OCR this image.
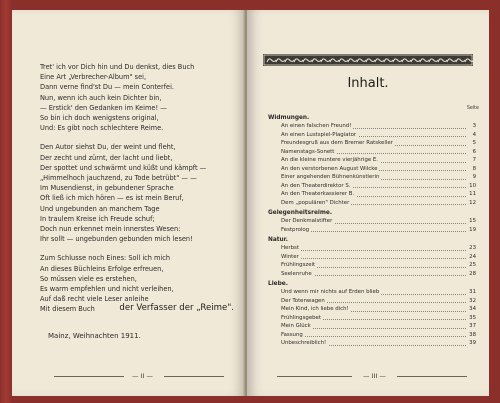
Tret' ich vor Dich hin und Du denkst, dies Buch
Eine Art „Verbrecher-Album" sei,
Dann verne find'st Du — mein Conterfei.
Nun, wenn ich auch kein Dichter bin,
— Erstick' den Gedanken im Keime! —
So bin ich doch wenigstens original,
Und: Es gibt noch schlechtere Reime.
Den Autor siehst Du, der weint und fleht,
Der zecht und zürnt, der lacht und liebt,
Der spottet und schwärmt und küßt und kämpft —
„Himmelhoch jauchzend, zu Tode betrübt" — —
Im Musendienst, in gebundener Sprache
Oft ließ ich mich hören — es ist mein Beruf,
Und ungebunden an manchem Tage
In traulem Kreise ich Freude schuf;
Doch nun erkennet mein innerstes Wesen:
Ihr sollt — ungebunden gebunden mich lesen!
Zum Schlusse noch Eines: Soll ich mich
An dieses Büchleins Erfolge erfreuen,
So müssen viele es erstehen,
Es warm empfehlen und nicht verleihen,
Auf daß recht viele Leser anleihe
Mit diesem Buch	der Verfasser der „Reime".
Mainz, Weihnachten 1911.
— II —
Inhalt.
Seite
Widmungen.
An einen falschen Freund!	3
An einen Lustspiel-Plagiator	4
Freundesgruß aus dem Bremer Ratskeller	5
Namenstags-Sonett	6
An die kleine muntere vierjährige E.	7
An den verstorbenen August Wilcke	8
Einer angehenden Bühnenkünstlerin	9
An den Theaterdirektor S.	10
An den Theaterkassierer B.	11
Dem „populären" Dichter	12
Gelegenheitsreime.
Der Denkmalstifter	15
Festprolog	19
Natur.
Herbst	23
Winter	24
Frühlingszeit	25
Seelenruhe	28
Liebe.
Und wenn mir nichts auf Erden blieb	31
Der Totenwagen	32
Mein Kind, ich liebe dich!	34
Frühlingsgebet	35
Mein Glück	37
Fassung	38
Unbeschreiblich!	39
— III —
